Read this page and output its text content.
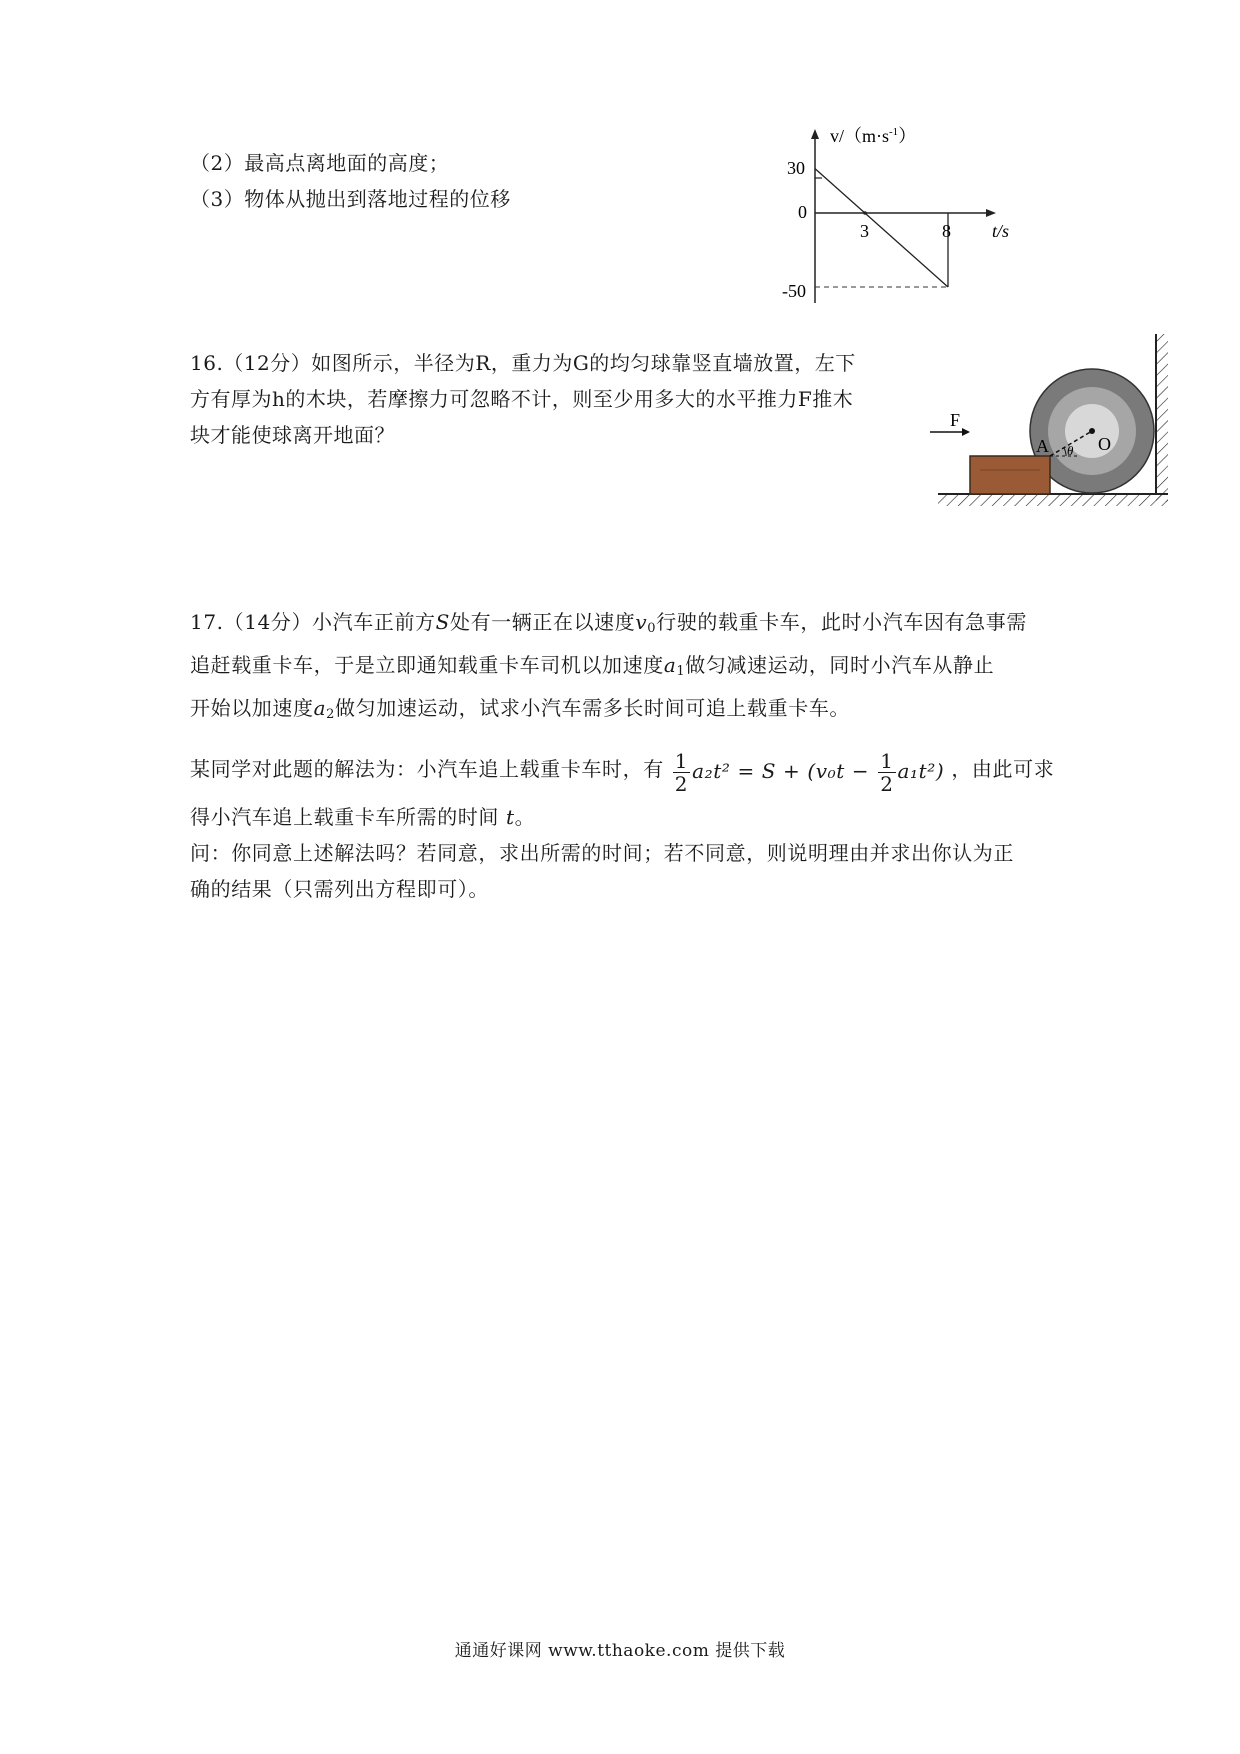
（2）最高点离地面的高度；
（3）物体从抛出到落地过程的位移
$v/(m\cdot s^{-1})$
30
0
3	8 t/s
-50
16.（12分）如图所示，半径为R，重力为G的均匀球靠竖直墙放置，左下
方有厚为h的木块，若摩擦力可忽略不计，则至少用多大的水平推力F推木
块才能使球离开地面？
F
A θ O
17.（14分）小汽车正前方S处有一辆正在以速度$v_0$行驶的载重卡车，此时小汽车因有急事需
追赶载重卡车，于是立即通知载重卡车司机以加速度$a_1$做匀减速运动，同时小汽车从静止
开始以加速度$a_2$做匀加速运动，试求小汽车需多长时间可追上载重卡车。
某同学对此题的解法为：小汽车追上载重卡车时，有 $\frac{1}{2} a_2t^2 = S + (v_0t - \frac{1}{2} a_1t^2)$ ，由此可求
得小汽车追上载重卡车所需的时间 t。
问：你同意上述解法吗？若同意，求出所需的时间；若不同意，则说明理由并求出你认为正
确的结果（只需列出方程即可）。
通通好课网 www.tthaoke.com 提供下载
